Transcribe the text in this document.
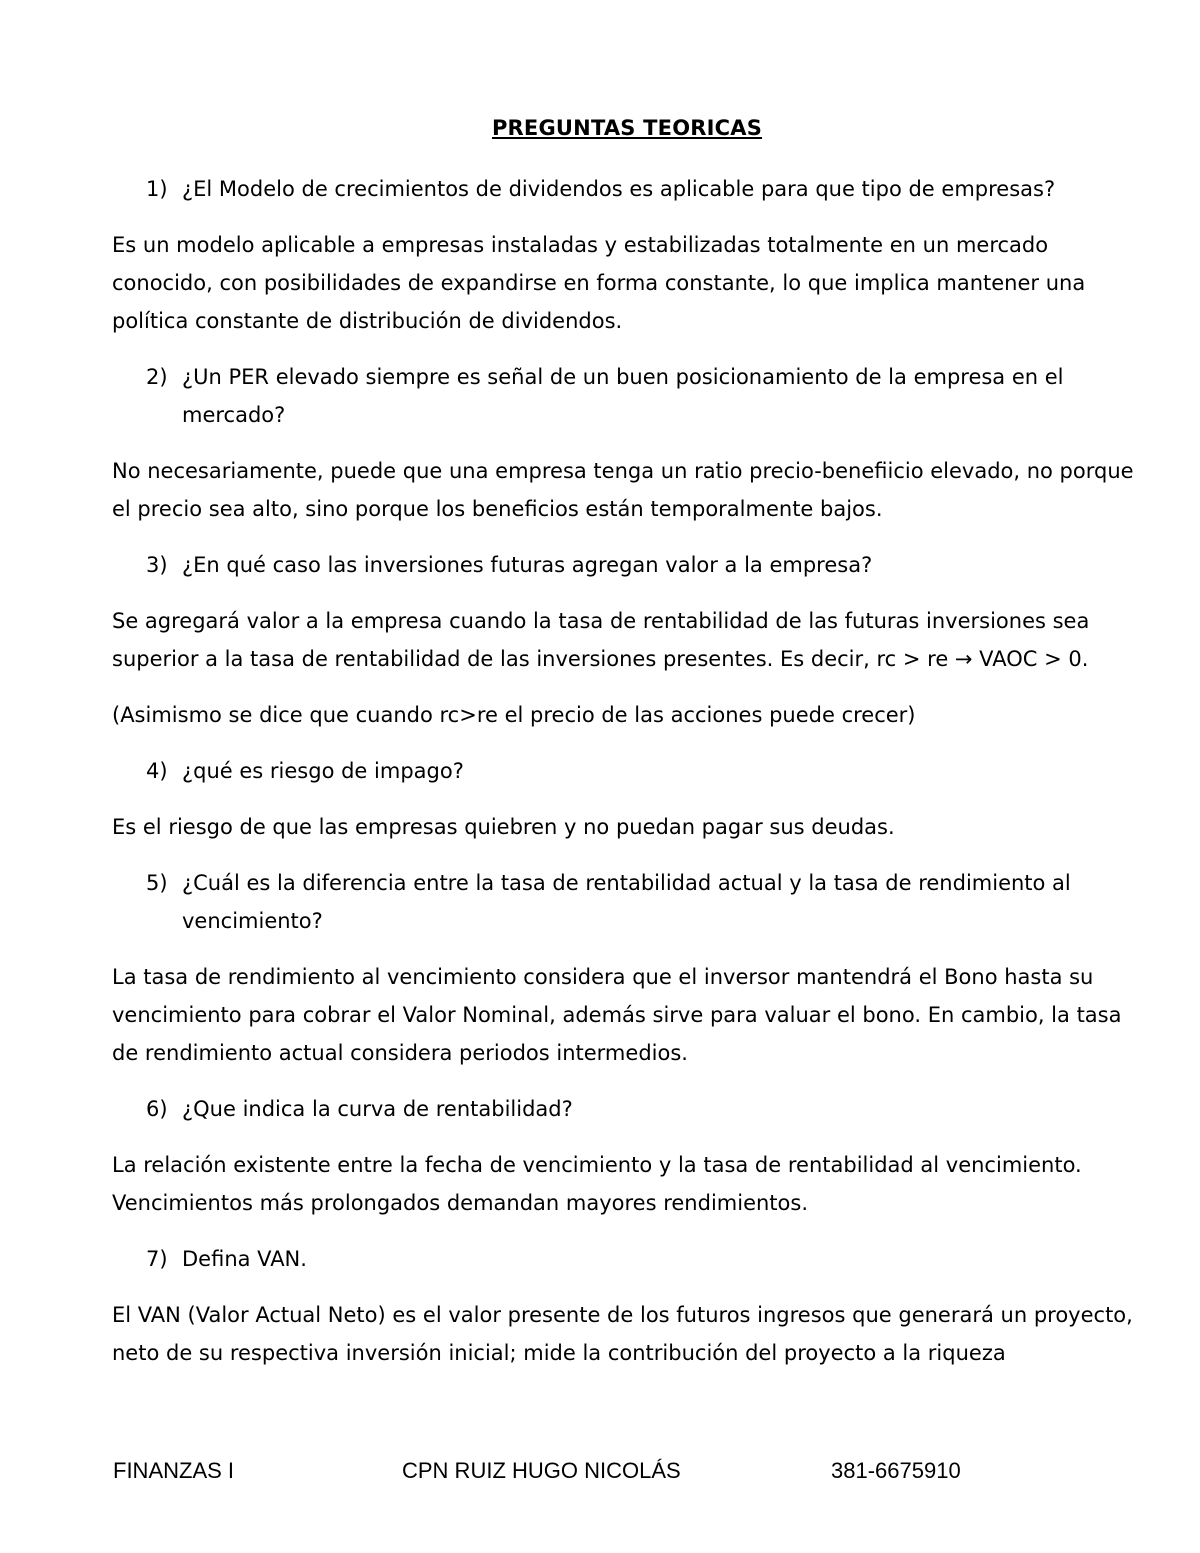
PREGUNTAS TEORICAS
1) ¿El Modelo de crecimientos de dividendos es aplicable para que tipo de empresas?

Es un modelo aplicable a empresas instaladas y estabilizadas totalmente en un mercado conocido, con posibilidades de expandirse en forma constante, lo que implica mantener una política constante de distribución de dividendos.

2) ¿Un PER elevado siempre es señal de un buen posicionamiento de la empresa en el mercado?

No necesariamente, puede que una empresa tenga un ratio precio-benefiicio elevado, no porque el precio sea alto, sino porque los beneficios están temporalmente bajos.

3) ¿En qué caso las inversiones futuras agregan valor a la empresa?

Se agregará valor a la empresa cuando la tasa de rentabilidad de las futuras inversiones sea superior a la tasa de rentabilidad de las inversiones presentes. Es decir, rc > re → VAOC > 0.

(Asimismo se dice que cuando rc>re el precio de las acciones puede crecer)

4) ¿qué es riesgo de impago?

Es el riesgo de que las empresas quiebren y no puedan pagar sus deudas.

5) ¿Cuál es la diferencia entre la tasa de rentabilidad actual y la tasa de rendimiento al vencimiento?

La tasa de rendimiento al vencimiento considera que el inversor mantendrá el Bono hasta su vencimiento para cobrar el Valor Nominal, además sirve para valuar el bono. En cambio, la tasa de rendimiento actual considera periodos intermedios.

6) ¿Que indica la curva de rentabilidad?

La relación existente entre la fecha de vencimiento y la tasa de rentabilidad al vencimiento. Vencimientos más prolongados demandan mayores rendimientos.

7) Defina VAN.

El VAN (Valor Actual Neto) es el valor presente de los futuros ingresos que generará un proyecto, neto de su respectiva inversión inicial; mide la contribución del proyecto a la riqueza

FINANZAS I	CPN RUIZ HUGO NICOLÁS	381-6675910
